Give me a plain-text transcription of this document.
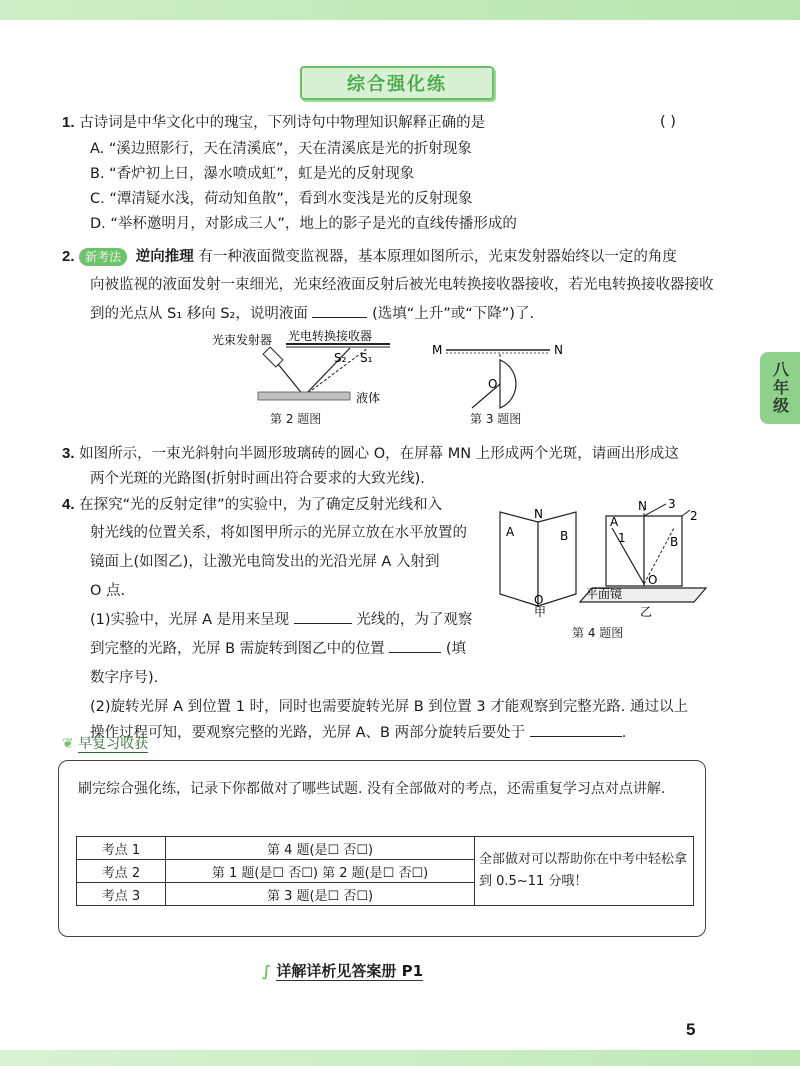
八年级
综合强化练
1. 古诗词是中华文化中的瑰宝，下列诗句中物理知识解释正确的是	( )
A. “溪边照影行，天在清溪底”，天在清溪底是光的折射现象
B. “香炉初上日，瀑水喷成虹”，虹是光的反射现象
C. “潭清疑水浅，荷动知鱼散”，看到水变浅是光的反射现象
D. “举杯邀明月，对影成三人”，地上的影子是光的直线传播形成的
2. 新考法 逆向推理 有一种液面微变监视器，基本原理如图所示，光束发射器始终以一定的角度
向被监视的液面发射一束细光，光束经液面反射后被光电转换接收器接收，若光电转换接收器接收
到的光点从 S₁ 移向 S₂，说明液面	(选填“上升”或“下降”)了.
光束发射器 光电转换接收器
S₂ S₁
液体
第 2 题图
M	N
O
第 3 题图
3. 如图所示，一束光斜射向半圆形玻璃砖的圆心 O，在屏幕 MN 上形成两个光斑，请画出形成这
两个光斑的光路图(折射时画出符合要求的大致光线).
4. 在探究“光的反射定律”的实验中，为了确定反射光线和入
射光线的位置关系，将如图甲所示的光屏立放在水平放置的
镜面上(如图乙)，让激光电筒发出的光沿光屏 A 入射到
O 点.
(1)实验中，光屏 A 是用来呈现	光线的，为了观察
到完整的光路，光屏 B 需旋转到图乙中的位置	(填
数字序号).
(2)旋转光屏 A 到位置 1 时，同时也需要旋转光屏 B 到位置 3 才能观察到完整光路. 通过以上
操作过程可知，要观察完整的光路，光屏 A、B 两部分旋转后要处于	.
A	B
N
O
甲
A
B
N
O
1
2
3
平面镜
乙
第 4 题图
❦ 早复习收获
刷完综合强化练，记录下你都做对了哪些试题. 没有全部做对的考点，还需重复学习点对点讲解.
考点 1	第 4 题(是☐ 否☐)	全部做对可以帮助你在中考中轻松拿到 0.5~11 分哦！
考点 2	第 1 题(是☐ 否☐) 第 2 题(是☐ 否☐)	
考点 3	第 3 题(是☐ 否☐)	
∫ 详解详析见答案册 P1
5
